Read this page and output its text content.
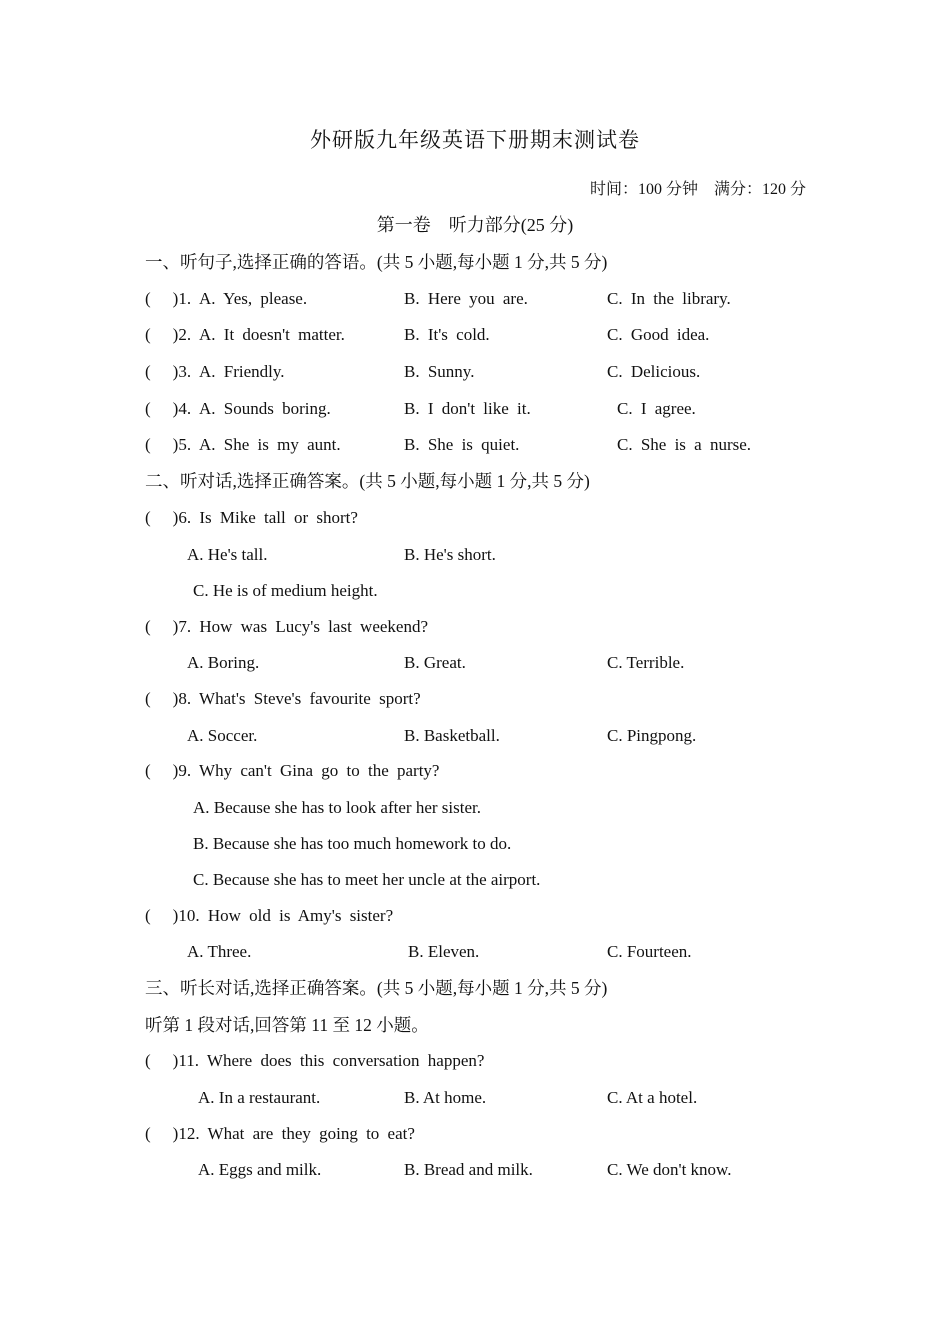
外研版九年级英语下册期末测试卷
时间：100 分钟 满分：120 分
第一卷　听力部分(25 分)
一、听句子,选择正确的答语。(共 5 小题,每小题 1 分,共 5 分)
( )1. A. Yes, please.	B. Here you are.	C. In the library.
( )2. A. It doesn't matter.	B. It's cold.	C. Good idea.
( )3. A. Friendly.	B. Sunny.	C. Delicious.
( )4. A. Sounds boring.	B. I don't like it.	C. I agree.
( )5. A. She is my aunt.	B. She is quiet.	C. She is a nurse.
二、听对话,选择正确答案。(共 5 小题,每小题 1 分,共 5 分)
( )6. Is Mike tall or short?
A. He's tall.	B. He's short.
C. He is of medium height.
( )7. How was Lucy's last weekend?
A. Boring.	B. Great.	C. Terrible.
( )8. What's Steve's favourite sport?
A. Soccer.	B. Basketball.	C. Pingpong.
( )9. Why can't Gina go to the party?
A. Because she has to look after her sister.
B. Because she has too much homework to do.
C. Because she has to meet her uncle at the airport.
( )10. How old is Amy's sister?
A. Three.	B. Eleven.	C. Fourteen.
三、听长对话,选择正确答案。(共 5 小题,每小题 1 分,共 5 分)
听第 1 段对话,回答第 11 至 12 小题。
( )11. Where does this conversation happen?
A. In a restaurant.	B. At home.	C. At a hotel.
( )12. What are they going to eat?
A. Eggs and milk.	B. Bread and milk.	C. We don't know.
